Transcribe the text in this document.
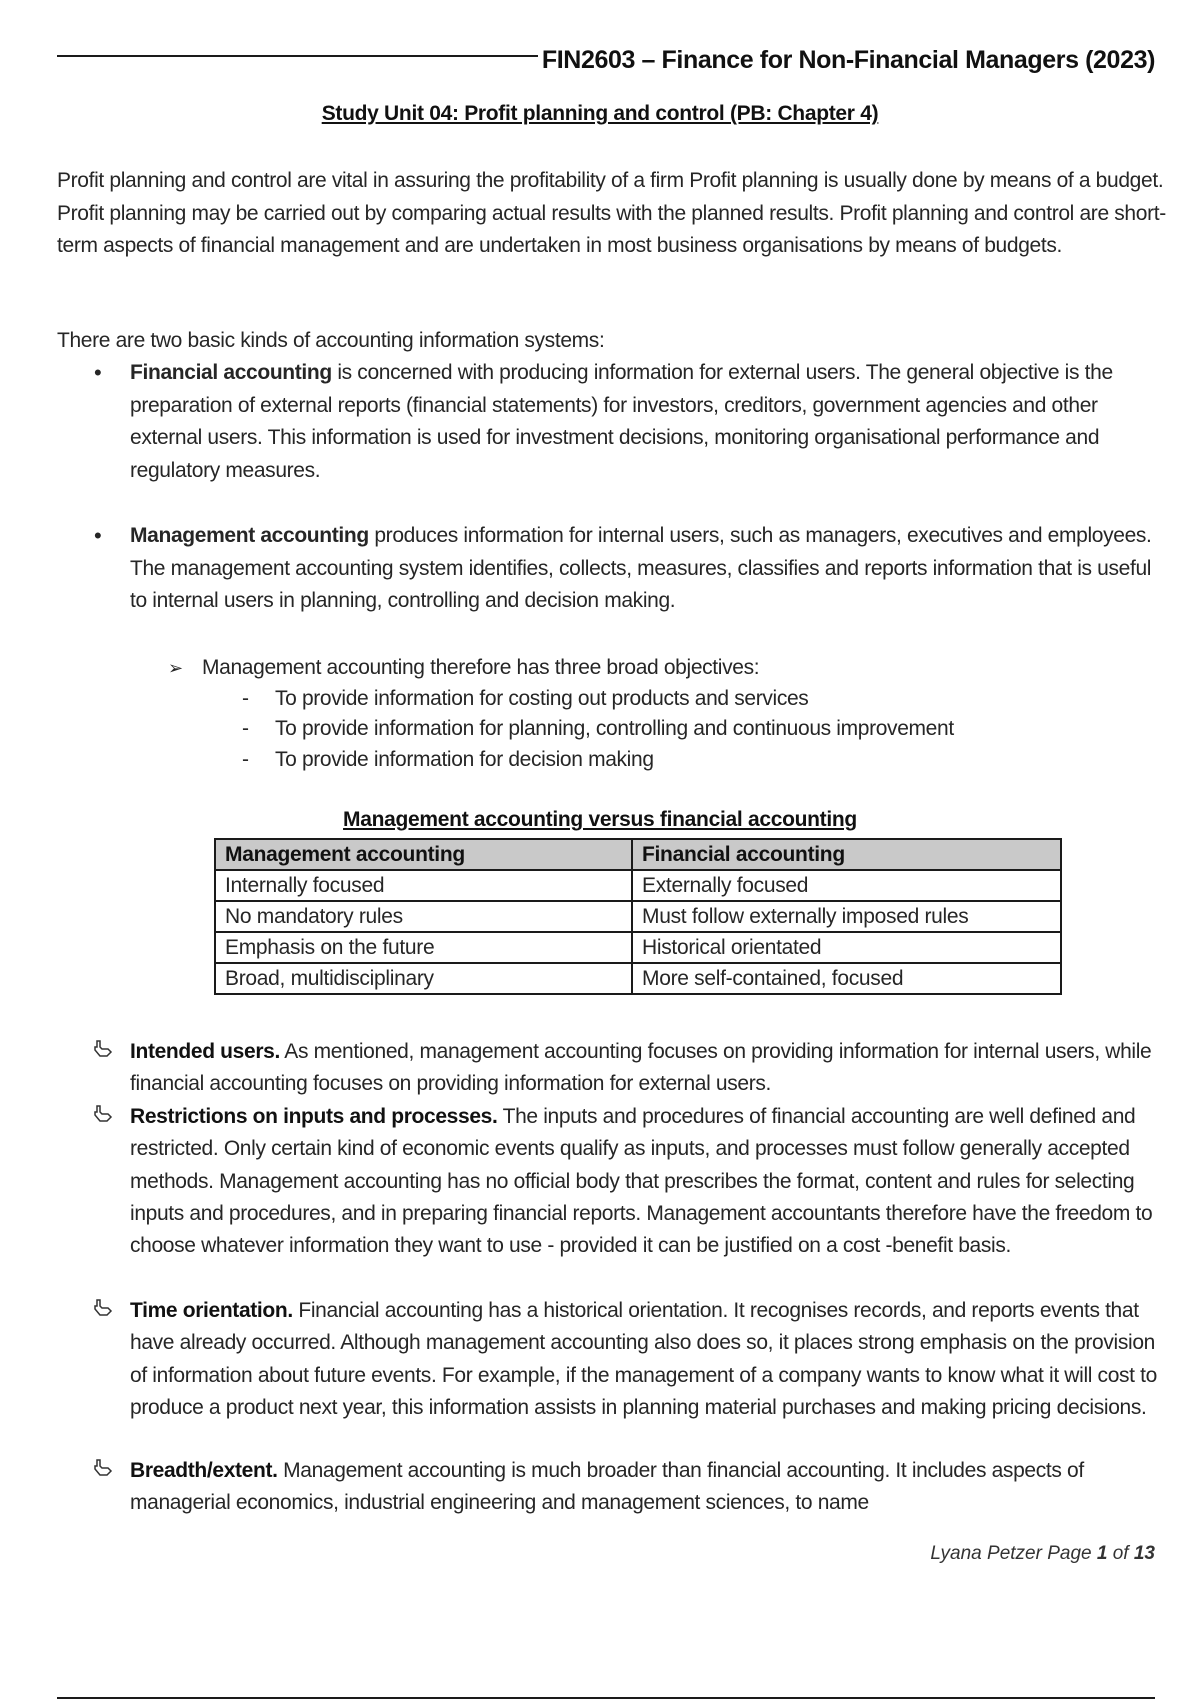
FIN2603 – Finance for Non-Financial Managers (2023)
Study Unit 04: Profit planning and control (PB: Chapter 4)
Profit planning and control are vital in assuring the profitability of a firm Profit planning is usually done by means of a budget. Profit planning may be carried out by comparing actual results with the planned results. Profit planning and control are short-term aspects of financial management and are undertaken in most business organisations by means of budgets.
There are two basic kinds of accounting information systems:
• Financial accounting is concerned with producing information for external users. The general objective is the preparation of external reports (financial statements) for investors, creditors, government agencies and other external users. This information is used for investment decisions, monitoring organisational performance and regulatory measures.
• Management accounting produces information for internal users, such as managers, executives and employees. The management accounting system identifies, collects, measures, classifies and reports information that is useful to internal users in planning, controlling and decision making.
➢ Management accounting therefore has three broad objectives:
- To provide information for costing out products and services
- To provide information for planning, controlling and continuous improvement
- To provide information for decision making
Management accounting versus financial accounting
Management accounting	Financial accounting
Internally focused	Externally focused
No mandatory rules	Must follow externally imposed rules
Emphasis on the future	Historical orientated
Broad, multidisciplinary	More self-contained, focused
Intended users. As mentioned, management accounting focuses on providing information for internal users, while financial accounting focuses on providing information for external users.
Restrictions on inputs and processes. The inputs and procedures of financial accounting are well defined and restricted. Only certain kind of economic events qualify as inputs, and processes must follow generally accepted methods. Management accounting has no official body that prescribes the format, content and rules for selecting inputs and procedures, and in preparing financial reports. Management accountants therefore have the freedom to choose whatever information they want to use - provided it can be justified on a cost -benefit basis.
Time orientation. Financial accounting has a historical orientation. It recognises records, and reports events that have already occurred. Although management accounting also does so, it places strong emphasis on the provision of information about future events. For example, if the management of a company wants to know what it will cost to produce a product next year, this information assists in planning material purchases and making pricing decisions.
Breadth/extent. Management accounting is much broader than financial accounting. It includes aspects of managerial economics, industrial engineering and management sciences, to name
Lyana Petzer Page 1 of 13
